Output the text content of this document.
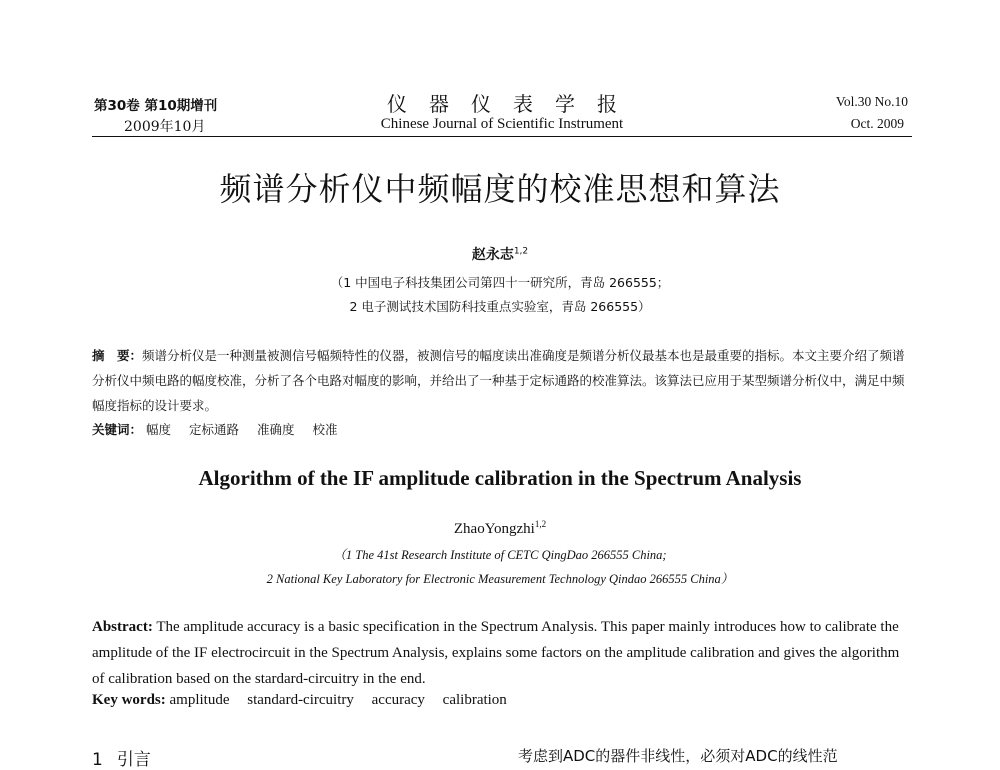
第30卷 第10期增刊
2009年10月
仪器仪表学报
Chinese Journal of Scientific Instrument
Vol.30 No.10
Oct. 2009
频谱分析仪中频幅度的校准思想和算法
赵永志$^{1,2}$
（1 中国电子科技集团公司第四十一研究所，青岛 266555；
2 电子测试技术国防科技重点实验室，青岛 266555）
摘　要：频谱分析仪是一种测量被测信号幅频特性的仪器，被测信号的幅度读出准确度是频谱分析仪最基本也是最重要的指标。本文主要介绍了频谱分析仪中频电路的幅度校准，分析了各个电路对幅度的影响，并给出了一种基于定标通路的校准算法。该算法已应用于某型频谱分析仪中，满足中频幅度指标的设计要求。
关键词： 幅度 定标通路 准确度 校准
Algorithm of the IF amplitude calibration in the Spectrum Analysis
ZhaoYongzhi$^{1,2}$
（1 The 41st Research Institute of CETC QingDao 266555 China;
2 National Key Laboratory for Electronic Measurement Technology Qindao 266555 China）
Abstract: The amplitude accuracy is a basic specification in the Spectrum Analysis. This paper mainly introduces how to calibrate the amplitude of the IF electrocircuit in the Spectrum Analysis, explains some factors on the amplitude calibration and gives the algorithm of calibration based on the stardard-circuitry in the end.
Key words: amplitude standard-circuitry accuracy calibration
1 引言	考虑到ADC的器件非线性，必须对ADC的线性范
